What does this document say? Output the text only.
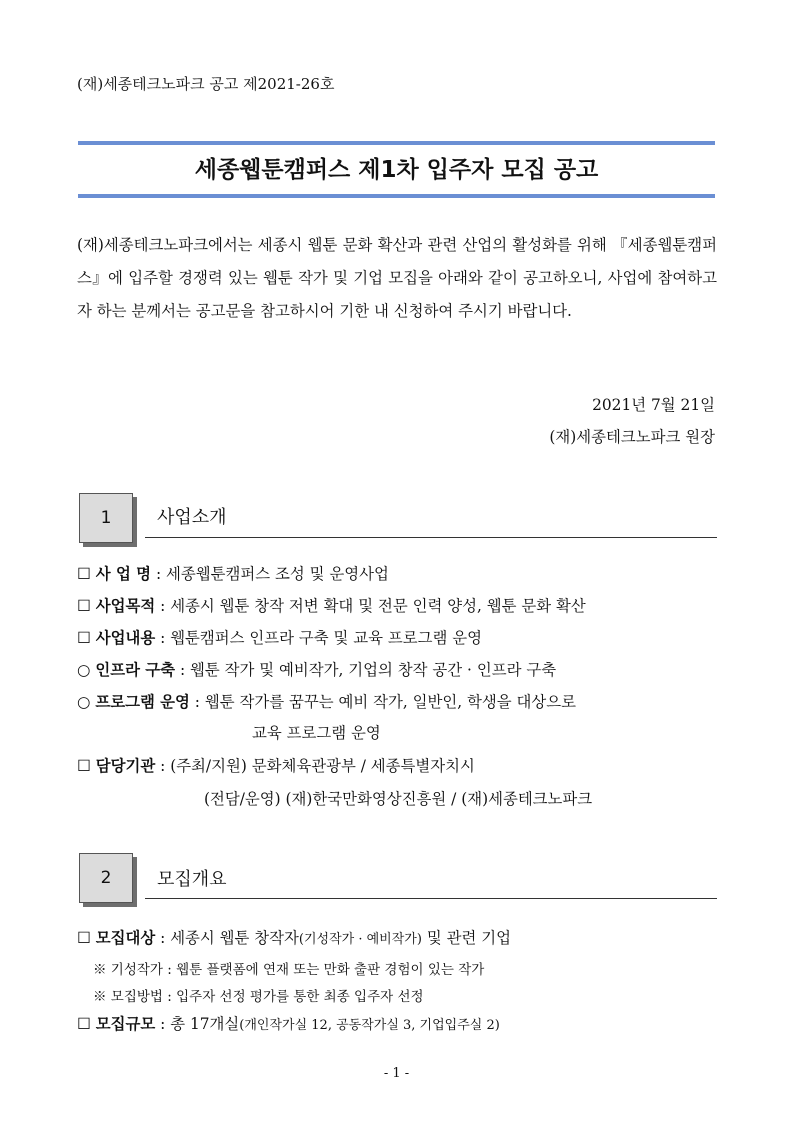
(재)세종테크노파크 공고 제2021-26호
세종웹툰캠퍼스 제1차 입주자 모집 공고
(재)세종테크노파크에서는 세종시 웹툰 문화 확산과 관련 산업의 활성화를 위해 『세종웹툰캠퍼스』에 입주할 경쟁력 있는 웹툰 작가 및 기업 모집을 아래와 같이 공고하오니, 사업에 참여하고자 하는 분께서는 공고문을 참고하시어 기한 내 신청하여 주시기 바랍니다.
2021년 7월 21일
(재)세종테크노파크 원장
1	사업소개
☐ 사 업 명 : 세종웹툰캠퍼스 조성 및 운영사업
☐ 사업목적 : 세종시 웹툰 창작 저변 확대 및 전문 인력 양성, 웹툰 문화 확산
☐ 사업내용 : 웹툰캠퍼스 인프라 구축 및 교육 프로그램 운영
○ 인프라 구축 : 웹툰 작가 및 예비작가, 기업의 창작 공간 · 인프라 구축
○ 프로그램 운영 : 웹툰 작가를 꿈꾸는 예비 작가, 일반인, 학생을 대상으로
교육 프로그램 운영
☐ 담당기관 : (주최/지원) 문화체육관광부 / 세종특별자치시
(전담/운영) (재)한국만화영상진흥원 / (재)세종테크노파크
2	모집개요
☐ 모집대상 : 세종시 웹툰 창작자(기성작가 · 예비작가) 및 관련 기업
※ 기성작가 : 웹툰 플랫폼에 연재 또는 만화 출판 경험이 있는 작가
※ 모집방법 : 입주자 선정 평가를 통한 최종 입주자 선정
☐ 모집규모 : 총 17개실(개인작가실 12, 공동작가실 3, 기업입주실 2)
- 1 -
